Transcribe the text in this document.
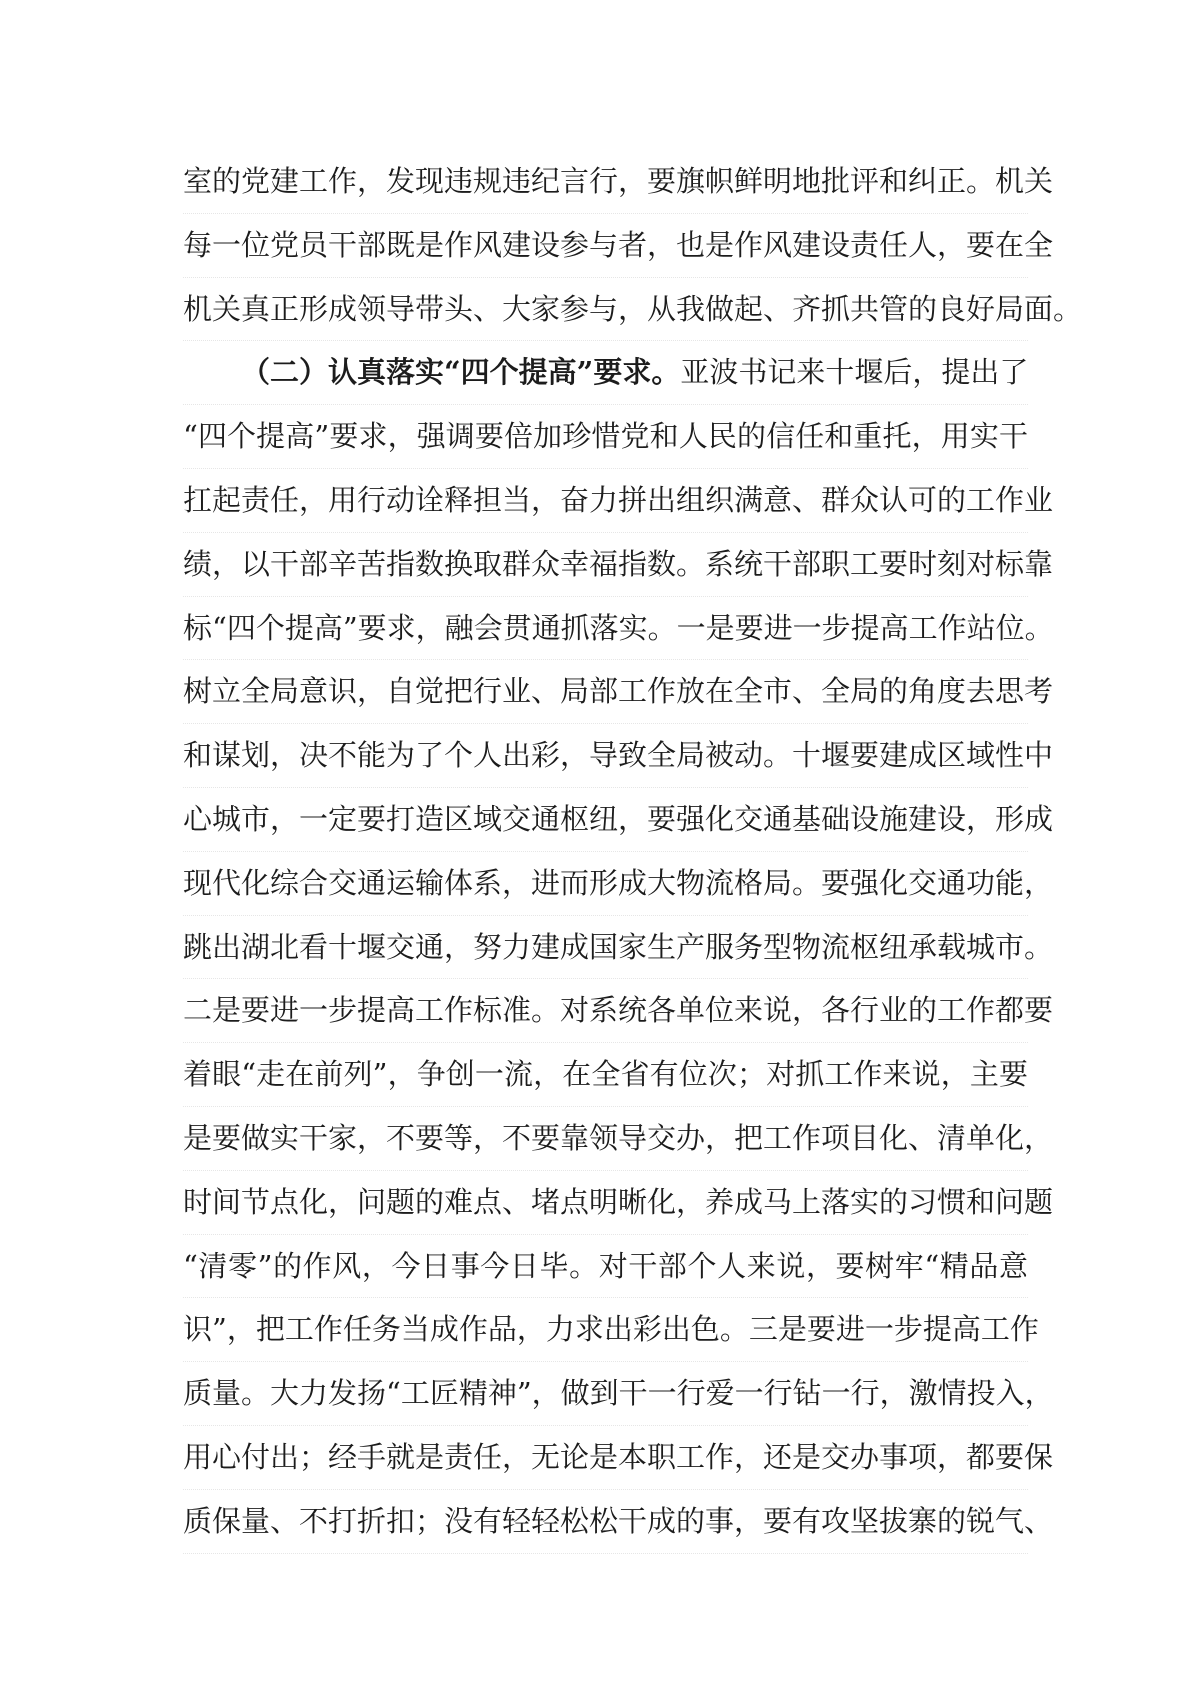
室的党建工作，发现违规违纪言行，要旗帜鲜明地批评和纠正。机关
每一位党员干部既是作风建设参与者，也是作风建设责任人，要在全
机关真正形成领导带头、大家参与，从我做起、齐抓共管的良好局面。
（二）认真落实“四个提高”要求。亚波书记来十堰后，提出了
“四个提高”要求，强调要倍加珍惜党和人民的信任和重托，用实干
扛起责任，用行动诠释担当，奋力拼出组织满意、群众认可的工作业
绩，以干部辛苦指数换取群众幸福指数。系统干部职工要时刻对标靠
标“四个提高”要求，融会贯通抓落实。一是要进一步提高工作站位。
树立全局意识，自觉把行业、局部工作放在全市、全局的角度去思考
和谋划，决不能为了个人出彩，导致全局被动。十堰要建成区域性中
心城市，一定要打造区域交通枢纽，要强化交通基础设施建设，形成
现代化综合交通运输体系，进而形成大物流格局。要强化交通功能，
跳出湖北看十堰交通，努力建成国家生产服务型物流枢纽承载城市。
二是要进一步提高工作标准。对系统各单位来说，各行业的工作都要
着眼“走在前列”，争创一流，在全省有位次；对抓工作来说，主要
是要做实干家，不要等，不要靠领导交办，把工作项目化、清单化，
时间节点化，问题的难点、堵点明晰化，养成马上落实的习惯和问题
“清零”的作风，今日事今日毕。对干部个人来说，要树牢“精品意
识”，把工作任务当成作品，力求出彩出色。三是要进一步提高工作
质量。大力发扬“工匠精神”，做到干一行爱一行钻一行，激情投入，
用心付出；经手就是责任，无论是本职工作，还是交办事项，都要保
质保量、不打折扣；没有轻轻松松干成的事，要有攻坚拔寨的锐气、
